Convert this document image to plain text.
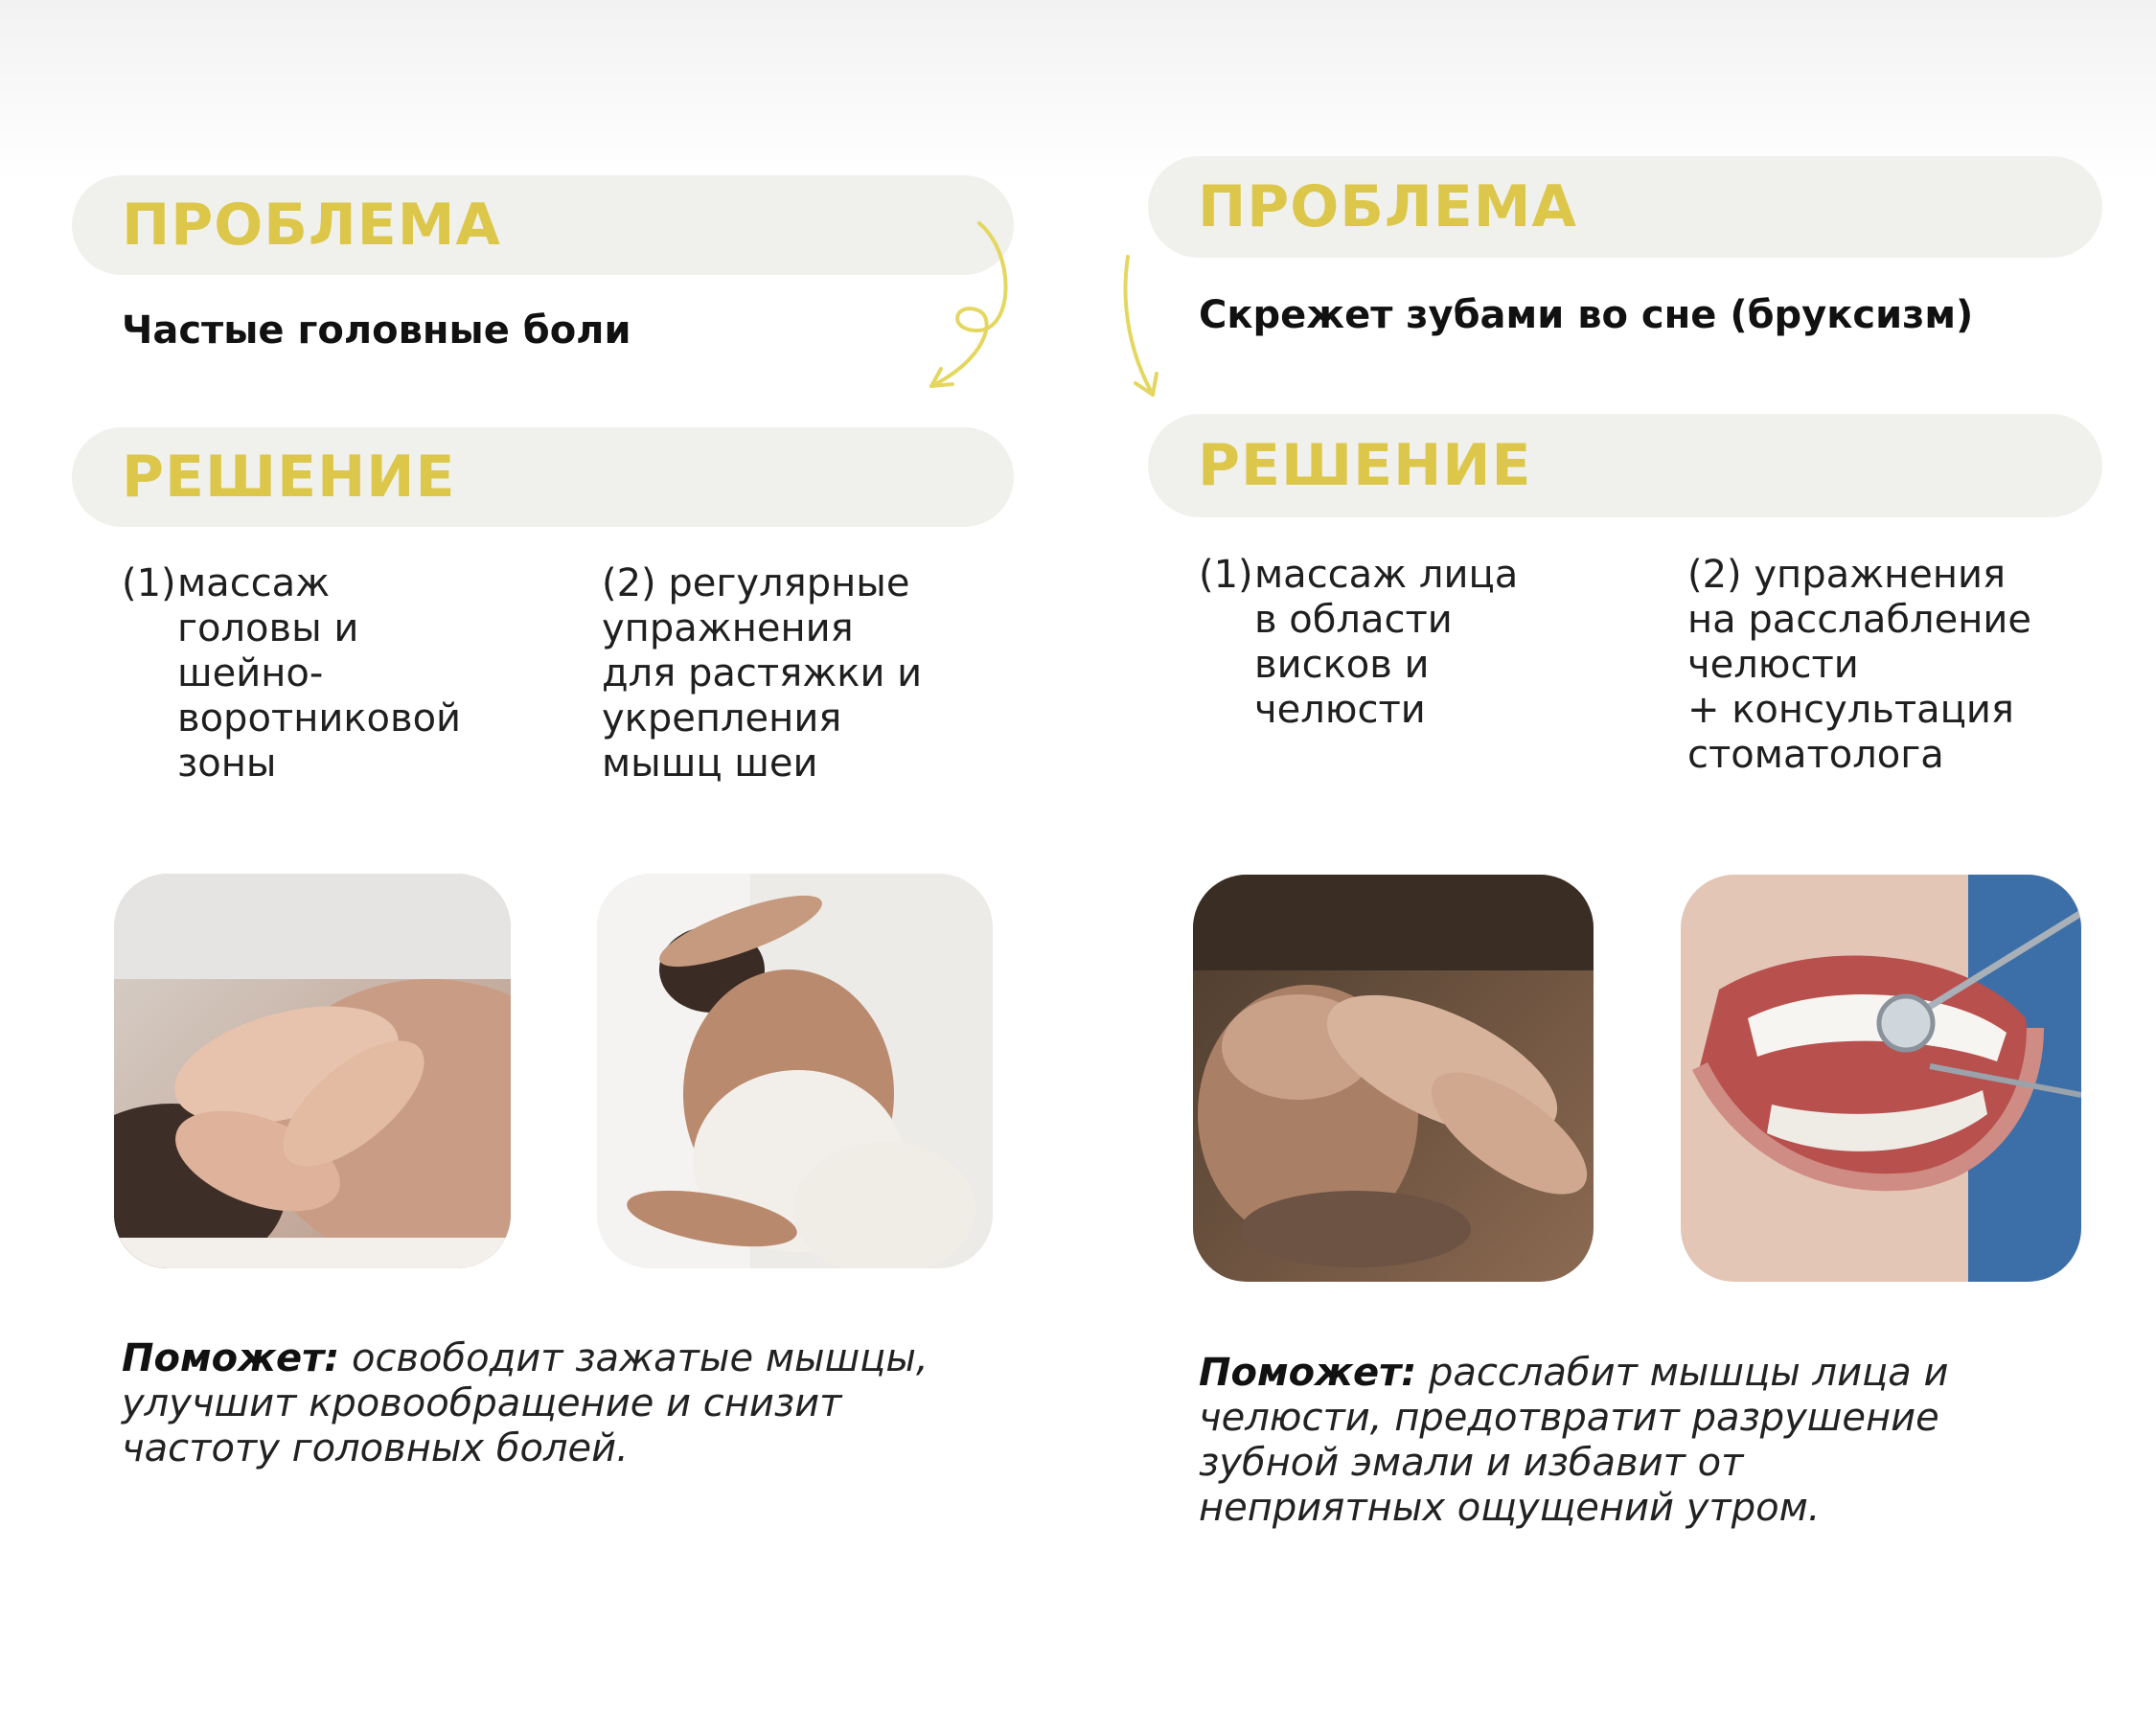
ПРОБЛЕМА
Частые головные боли
РЕШЕНИЕ
(1) массаж
головы и
шейно-
воротниковой
зоны
(2) регулярные
упражнения
для растяжки и
укрепления
мышц шеи
Поможет: освободит зажатые мышцы,
улучшит кровообращение и снизит
частоту головных болей.
ПРОБЛЕМА
Скрежет зубами во сне (бруксизм)
РЕШЕНИЕ
(1) массаж лица
в области
висков и
челюсти
(2) упражнения
на расслабление
челюсти
+ консультация
стоматолога
Поможет: расслабит мышцы лица и
челюсти, предотвратит разрушение
зубной эмали и избавит от
неприятных ощущений утром.
